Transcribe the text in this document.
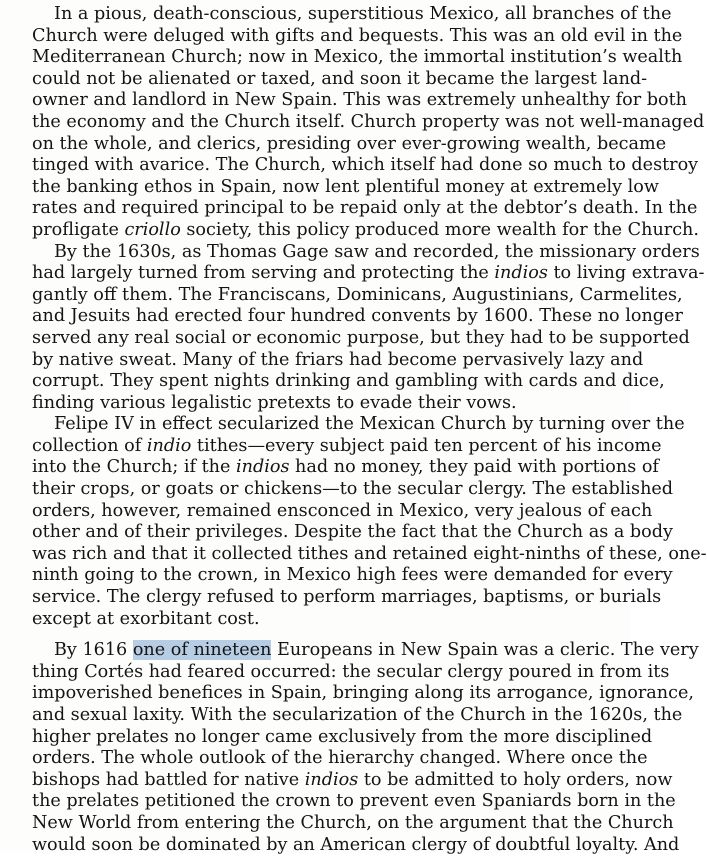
In a pious, death-conscious, superstitious Mexico, all branches of the
Church were deluged with gifts and bequests. This was an old evil in the
Mediterranean Church; now in Mexico, the immortal institution’s wealth
could not be alienated or taxed, and soon it became the largest land-
owner and landlord in New Spain. This was extremely unhealthy for both
the economy and the Church itself. Church property was not well-managed
on the whole, and clerics, presiding over ever-growing wealth, became
tinged with avarice. The Church, which itself had done so much to destroy
the banking ethos in Spain, now lent plentiful money at extremely low
rates and required principal to be repaid only at the debtor’s death. In the
profligate criollo society, this policy produced more wealth for the Church.
By the 1630s, as Thomas Gage saw and recorded, the missionary orders
had largely turned from serving and protecting the indios to living extrava-
gantly off them. The Franciscans, Dominicans, Augustinians, Carmelites,
and Jesuits had erected four hundred convents by 1600. These no longer
served any real social or economic purpose, but they had to be supported
by native sweat. Many of the friars had become pervasively lazy and
corrupt. They spent nights drinking and gambling with cards and dice,
finding various legalistic pretexts to evade their vows.
Felipe IV in effect secularized the Mexican Church by turning over the
collection of indio tithes—every subject paid ten percent of his income
into the Church; if the indios had no money, they paid with portions of
their crops, or goats or chickens—to the secular clergy. The established
orders, however, remained ensconced in Mexico, very jealous of each
other and of their privileges. Despite the fact that the Church as a body
was rich and that it collected tithes and retained eight-ninths of these, one-
ninth going to the crown, in Mexico high fees were demanded for every
service. The clergy refused to perform marriages, baptisms, or burials
except at exorbitant cost.
By 1616 one of nineteen Europeans in New Spain was a cleric. The very
thing Cortés had feared occurred: the secular clergy poured in from its
impoverished benefices in Spain, bringing along its arrogance, ignorance,
and sexual laxity. With the secularization of the Church in the 1620s, the
higher prelates no longer came exclusively from the more disciplined
orders. The whole outlook of the hierarchy changed. Where once the
bishops had battled for native indios to be admitted to holy orders, now
the prelates petitioned the crown to prevent even Spaniards born in the
New World from entering the Church, on the argument that the Church
would soon be dominated by an American clergy of doubtful loyalty. And
